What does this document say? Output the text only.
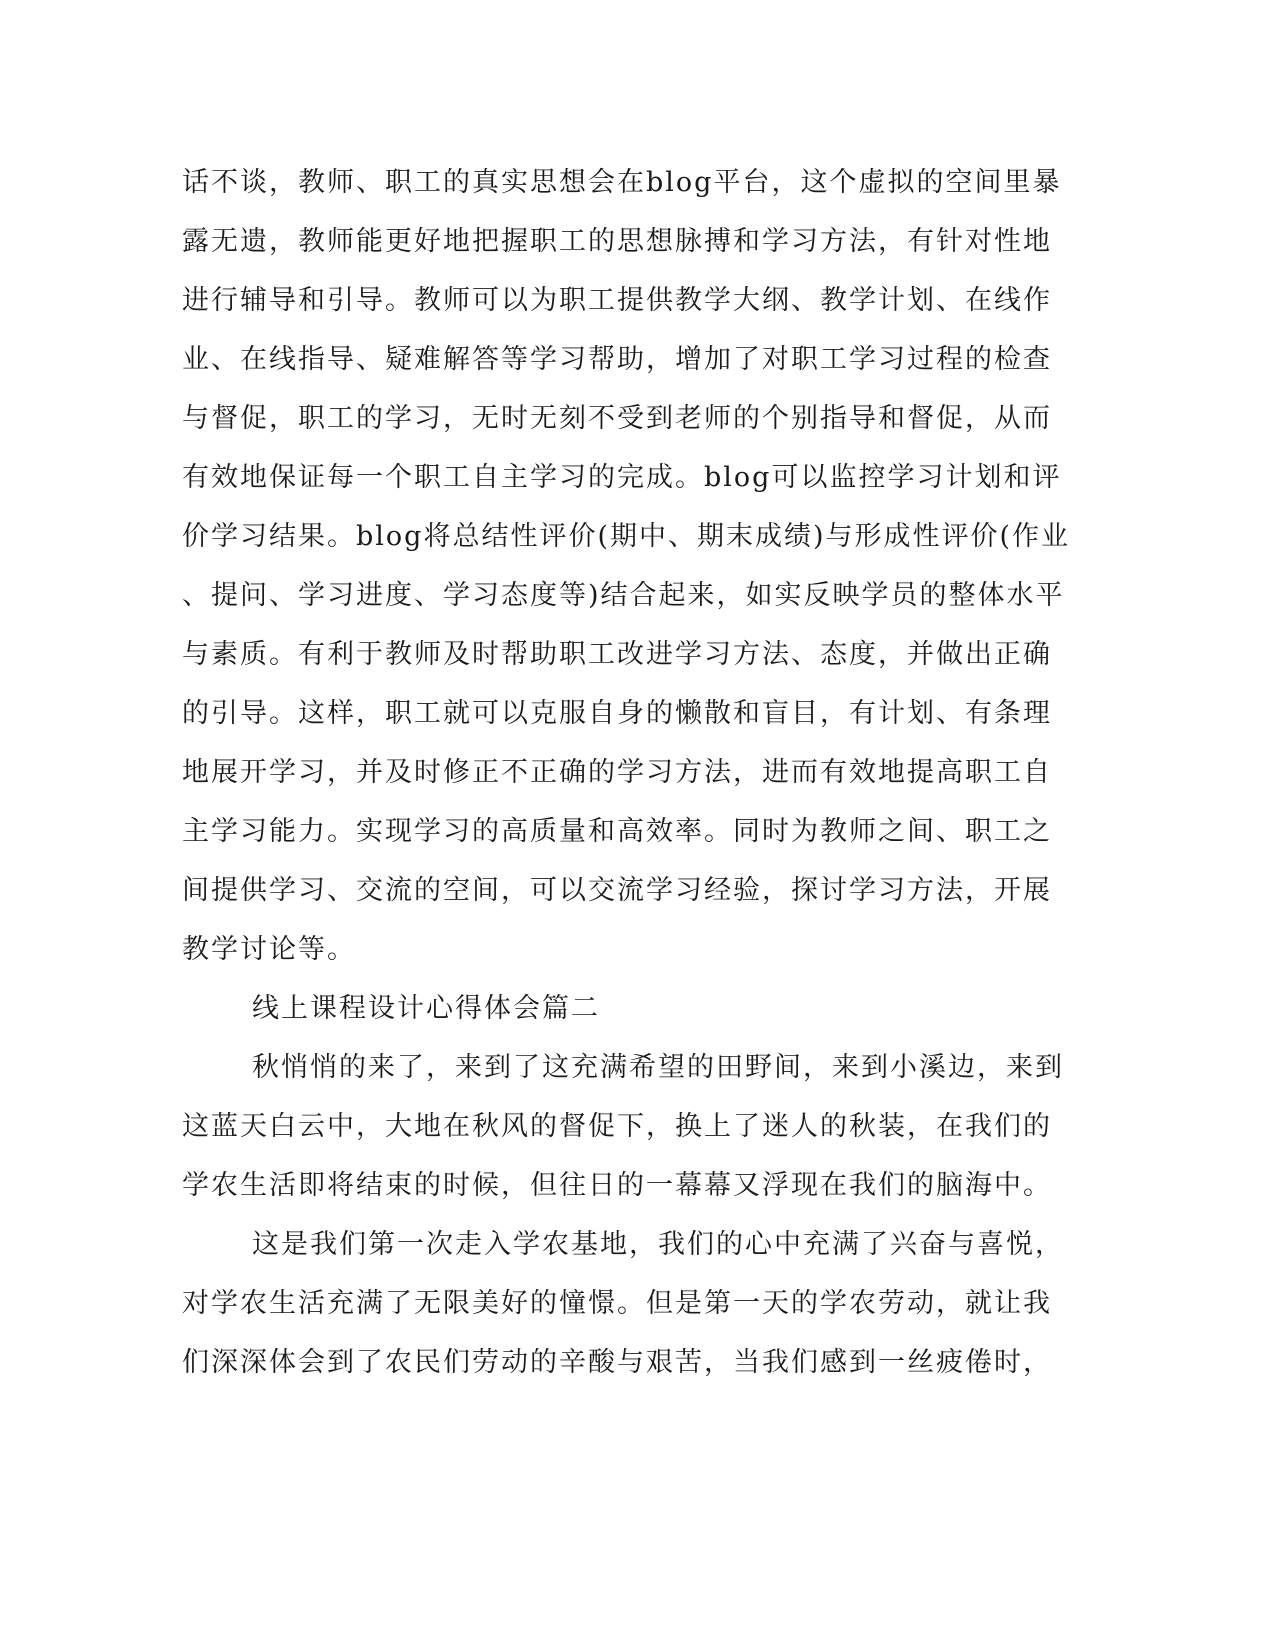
话不谈，教师、职工的真实思想会在blog平台，这个虚拟的空间里暴
露无遗，教师能更好地把握职工的思想脉搏和学习方法，有针对性地
进行辅导和引导。教师可以为职工提供教学大纲、教学计划、在线作
业、在线指导、疑难解答等学习帮助，增加了对职工学习过程的检查
与督促，职工的学习，无时无刻不受到老师的个别指导和督促，从而
有效地保证每一个职工自主学习的完成。blog可以监控学习计划和评
价学习结果。blog将总结性评价(期中、期末成绩)与形成性评价(作业
、提问、学习进度、学习态度等)结合起来，如实反映学员的整体水平
与素质。有利于教师及时帮助职工改进学习方法、态度，并做出正确
的引导。这样，职工就可以克服自身的懒散和盲目，有计划、有条理
地展开学习，并及时修正不正确的学习方法，进而有效地提高职工自
主学习能力。实现学习的高质量和高效率。同时为教师之间、职工之
间提供学习、交流的空间，可以交流学习经验，探讨学习方法，开展
教学讨论等。
线上课程设计心得体会篇二
秋悄悄的来了，来到了这充满希望的田野间，来到小溪边，来到
这蓝天白云中，大地在秋风的督促下，换上了迷人的秋装，在我们的
学农生活即将结束的时候，但往日的一幕幕又浮现在我们的脑海中。
这是我们第一次走入学农基地，我们的心中充满了兴奋与喜悦，
对学农生活充满了无限美好的憧憬。但是第一天的学农劳动，就让我
们深深体会到了农民们劳动的辛酸与艰苦，当我们感到一丝疲倦时，
